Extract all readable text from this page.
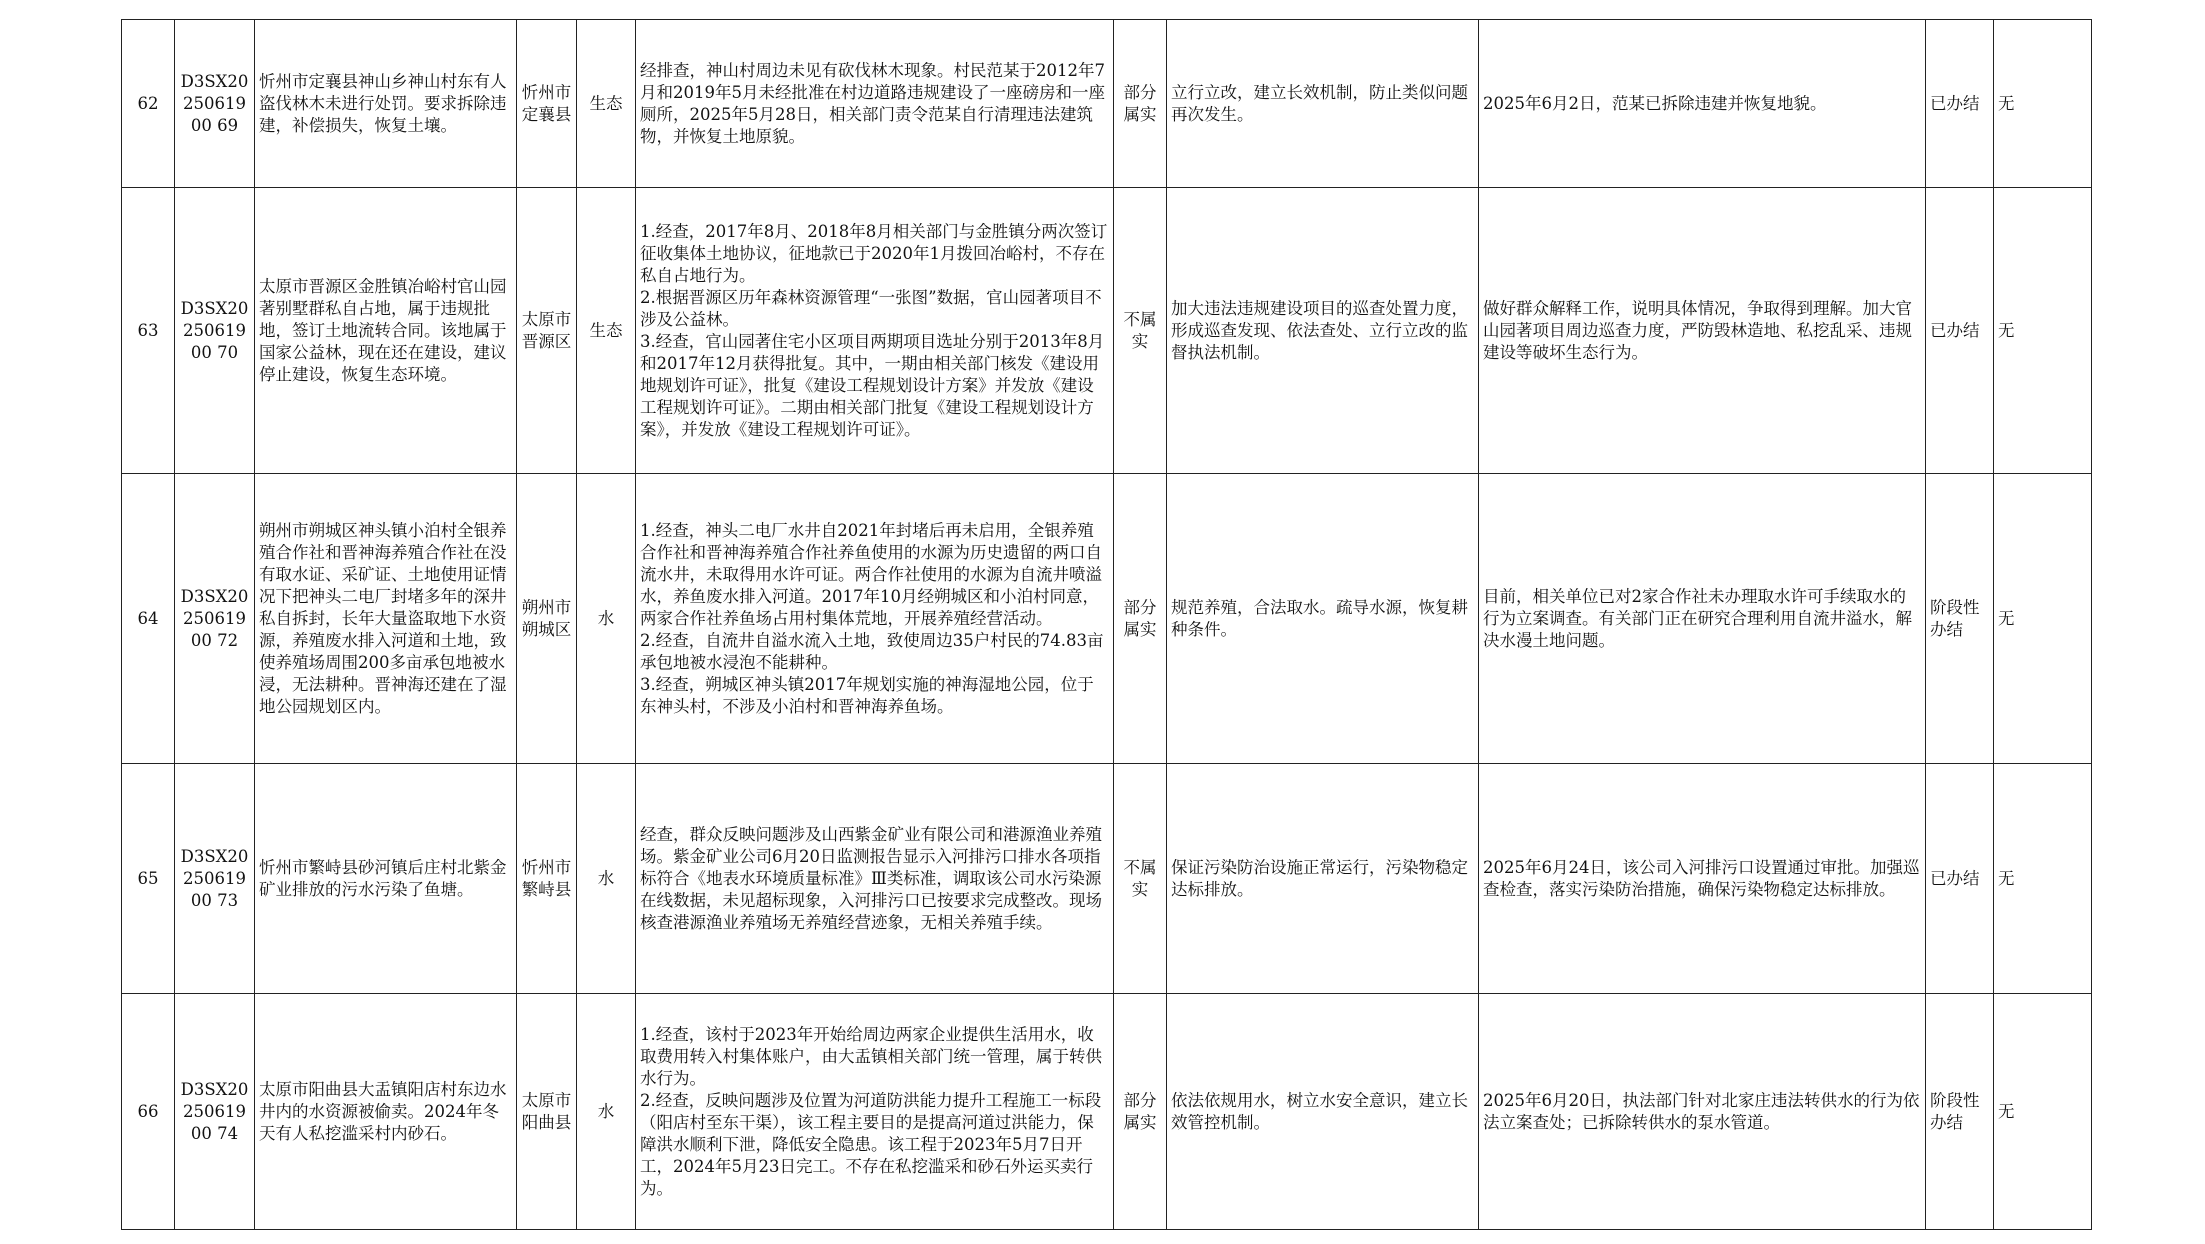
62	D3SX2025061900 69	忻州市定襄县神山乡神山村东有人盗伐林木未进行处罚。要求拆除违建，补偿损失，恢复土壤。	忻州市定襄县	生态	经排查，神山村周边未见有砍伐林木现象。村民范某于2012年7月和2019年5月未经批准在村边道路违规建设了一座磅房和一座厕所，2025年5月28日，相关部门责令范某自行清理违法建筑物，并恢复土地原貌。	部分属实	立行立改，建立长效机制，防止类似问题再次发生。	2025年6月2日，范某已拆除违建并恢复地貌。	已办结	无
63	D3SX2025061900 70	太原市晋源区金胜镇冶峪村官山园著别墅群私自占地，属于违规批地，签订土地流转合同。该地属于国家公益林，现在还在建设，建议停止建设，恢复生态环境。	太原市晋源区	生态	1.经查，2017年8月、2018年8月相关部门与金胜镇分两次签订征收集体土地协议，征地款已于2020年1月拨回冶峪村，不存在私自占地行为。
2.根据晋源区历年森林资源管理“一张图”数据，官山园著项目不涉及公益林。
3.经查，官山园著住宅小区项目两期项目选址分别于2013年8月和2017年12月获得批复。其中，一期由相关部门核发《建设用地规划许可证》，批复《建设工程规划设计方案》并发放《建设工程规划许可证》。二期由相关部门批复《建设工程规划设计方案》，并发放《建设工程规划许可证》。	不属实	加大违法违规建设项目的巡查处置力度，形成巡查发现、依法查处、立行立改的监督执法机制。	做好群众解释工作，说明具体情况，争取得到理解。加大官山园著项目周边巡查力度，严防毁林造地、私挖乱采、违规建设等破坏生态行为。	已办结	无
64	D3SX2025061900 72	朔州市朔城区神头镇小泊村全银养殖合作社和晋神海养殖合作社在没有取水证、采矿证、土地使用证情况下把神头二电厂封堵多年的深井私自拆封，长年大量盗取地下水资源，养殖废水排入河道和土地，致使养殖场周围200多亩承包地被水浸，无法耕种。晋神海还建在了湿地公园规划区内。	朔州市朔城区	水	1.经查，神头二电厂水井自2021年封堵后再未启用，全银养殖合作社和晋神海养殖合作社养鱼使用的水源为历史遗留的两口自流水井，未取得用水许可证。两合作社使用的水源为自流井喷溢水，养鱼废水排入河道。2017年10月经朔城区和小泊村同意，两家合作社养鱼场占用村集体荒地，开展养殖经营活动。
2.经查，自流井自溢水流入土地，致使周边35户村民的74.83亩承包地被水浸泡不能耕种。
3.经查，朔城区神头镇2017年规划实施的神海湿地公园，位于东神头村，不涉及小泊村和晋神海养鱼场。	部分属实	规范养殖，合法取水。疏导水源，恢复耕种条件。	目前，相关单位已对2家合作社未办理取水许可手续取水的行为立案调查。有关部门正在研究合理利用自流井溢水，解决水漫土地问题。	阶段性办结	无
65	D3SX2025061900 73	忻州市繁峙县砂河镇后庄村北紫金矿业排放的污水污染了鱼塘。	忻州市繁峙县	水	经查，群众反映问题涉及山西紫金矿业有限公司和港源渔业养殖场。紫金矿业公司6月20日监测报告显示入河排污口排水各项指标符合《地表水环境质量标准》Ⅲ类标准，调取该公司水污染源在线数据，未见超标现象，入河排污口已按要求完成整改。现场核查港源渔业养殖场无养殖经营迹象，无相关养殖手续。	不属实	保证污染防治设施正常运行，污染物稳定达标排放。	2025年6月24日，该公司入河排污口设置通过审批。加强巡查检查，落实污染防治措施，确保污染物稳定达标排放。	已办结	无
66	D3SX2025061900 74	太原市阳曲县大盂镇阳店村东边水井内的水资源被偷卖。2024年冬天有人私挖滥采村内砂石。	太原市阳曲县	水	1.经查，该村于2023年开始给周边两家企业提供生活用水，收取费用转入村集体账户，由大盂镇相关部门统一管理，属于转供水行为。
2.经查，反映问题涉及位置为河道防洪能力提升工程施工一标段（阳店村至东干渠），该工程主要目的是提高河道过洪能力，保障洪水顺利下泄，降低安全隐患。该工程于2023年5月7日开工，2024年5月23日完工。不存在私挖滥采和砂石外运买卖行为。	部分属实	依法依规用水，树立水安全意识，建立长效管控机制。	2025年6月20日，执法部门针对北家庄违法转供水的行为依法立案查处；已拆除转供水的泵水管道。	阶段性办结	无
